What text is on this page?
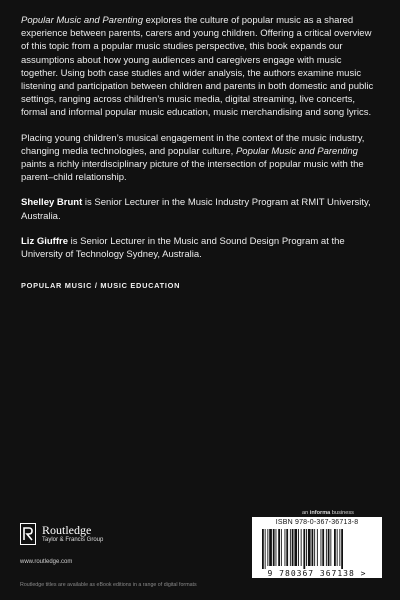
Popular Music and Parenting explores the culture of popular music as a shared experience between parents, carers and young children. Offering a critical overview of this topic from a popular music studies perspective, this book expands our assumptions about how young audiences and caregivers engage with music together. Using both case studies and wider analysis, the authors examine music listening and participation between children and parents in both domestic and public settings, ranging across children’s music media, digital streaming, live concerts, formal and informal popular music education, music merchandising and song lyrics.

Placing young children’s musical engagement in the context of the music industry, changing media technologies, and popular culture, Popular Music and Parenting paints a richly interdisciplinary picture of the intersection of popular music with the parent–child relationship.

Shelley Brunt is Senior Lecturer in the Music Industry Program at RMIT University, Australia.

Liz Giuffre is Senior Lecturer in the Music and Sound Design Program at the University of Technology Sydney, Australia.

POPULAR MUSIC / MUSIC EDUCATION

Routledge
Taylor & Francis Group
www.routledge.com
Routledge titles are available as eBook editions in a range of digital formats
an informa business
ISBN 978-0-367-36713-8
9 780367 367138 >
